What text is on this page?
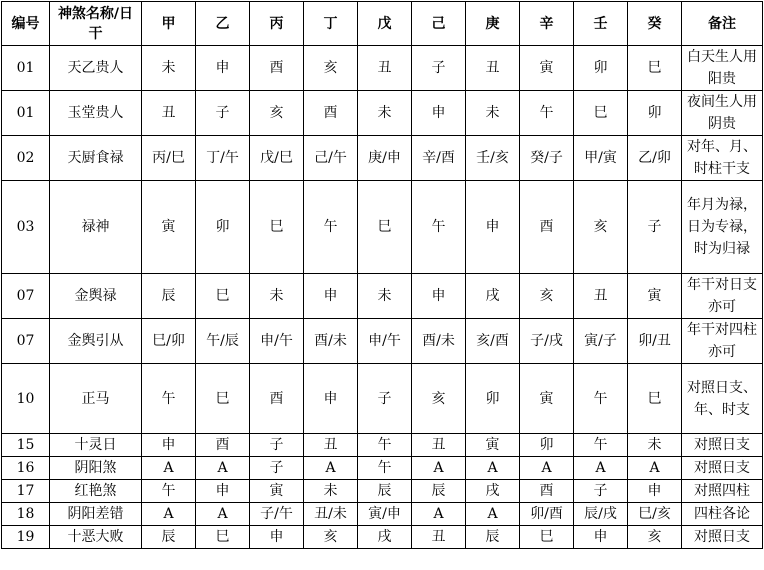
编号	神煞名称/日干	甲	乙	丙	丁	戊	己	庚	辛	壬	癸	备注
01	天乙贵人	未	申	酉	亥	丑	子	丑	寅	卯	巳	白天生人用阳贵
01	玉堂贵人	丑	子	亥	酉	未	申	未	午	巳	卯	夜间生人用阴贵
02	天厨食禄	丙/巳	丁/午	戊/巳	己/午	庚/申	辛/酉	壬/亥	癸/子	甲/寅	乙/卯	对年、月、时柱干支
03	禄神	寅	卯	巳	午	巳	午	申	酉	亥	子	年月为禄，日为专禄，时为归禄
07	金舆禄	辰	巳	未	申	未	申	戌	亥	丑	寅	年干对日支亦可
07	金舆引从	巳/卯	午/辰	申/午	酉/未	申/午	酉/未	亥/酉	子/戌	寅/子	卯/丑	年干对四柱亦可
10	正马	午	巳	酉	申	子	亥	卯	寅	午	巳	对照日支、年、时支
15	十灵日	申	酉	子	丑	午	丑	寅	卯	午	未	对照日支
16	阴阳煞	A	A	子	A	午	A	A	A	A	A	对照日支
17	红艳煞	午	申	寅	未	辰	辰	戌	酉	子	申	对照四柱
18	阴阳差错	A	A	子/午	丑/未	寅/申	A	A	卯/酉	辰/戌	巳/亥	四柱各论
19	十恶大败	辰	巳	申	亥	戌	丑	辰	巳	申	亥	对照日支
